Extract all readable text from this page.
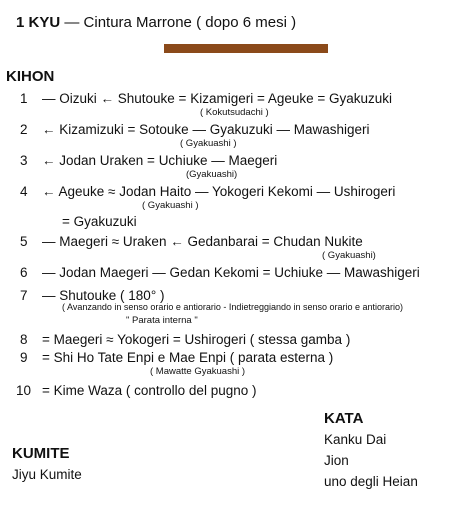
1 KYU — Cintura Marrone ( dopo 6 mesi )
KIHON
1 — Oizuki ← Shutouke = Kizamigeri = Ageuke = Gyakuzuki
( Kokutsudachi )
2 ← Kizamizuki = Sotouke — Gyakuzuki — Mawashigeri
( Gyakuashi )
3 ← Jodan Uraken = Uchiuke — Maegeri
(Gyakuashi)
4 ← Ageuke ≈ Jodan Haito — Yokogeri Kekomi — Ushirogeri
( Gyakuashi )
= Gyakuzuki
5 — Maegeri ≈ Uraken ← Gedanbarai = Chudan Nukite
( Gyakuashi)
6 — Jodan Maegeri — Gedan Kekomi = Uchiuke — Mawashigeri
7 — Shutouke ( 180° )
( Avanzando in senso orario e antiorario - Indietreggiando in senso orario e antiorario)
" Parata interna "
8 = Maegeri ≈ Yokogeri = Ushirogeri ( stessa gamba )
9 = Shi Ho Tate Enpi e Mae Enpi ( parata esterna )
( Mawatte Gyakuashi )
10 = Kime Waza ( controllo del pugno )
KATA
Kanku Dai
Jion
uno degli Heian
KUMITE
Jiyu Kumite
